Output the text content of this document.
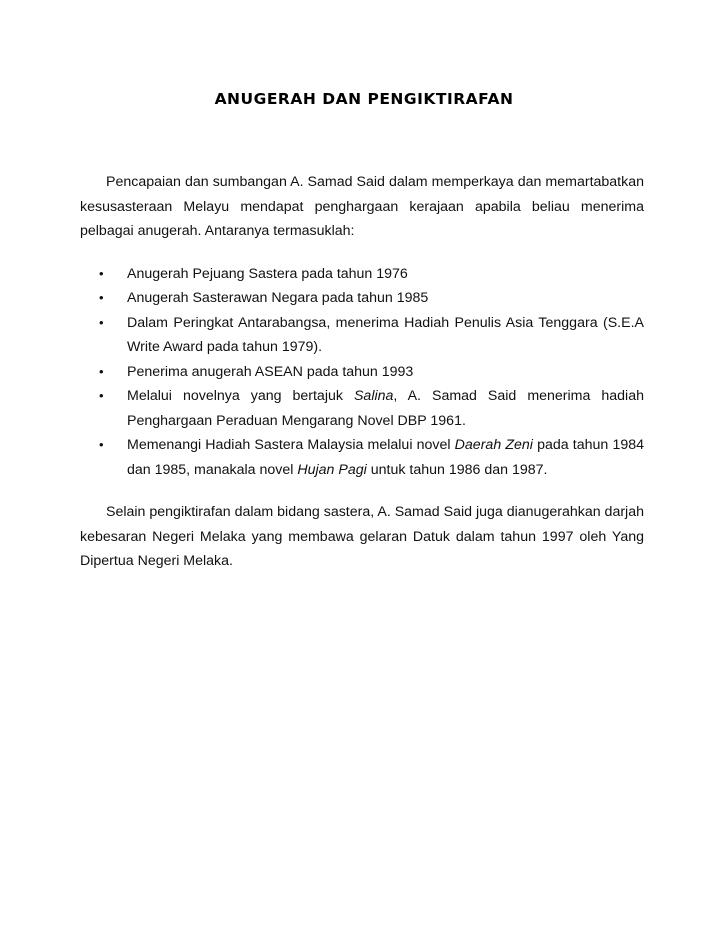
ANUGERAH DAN PENGIKTIRAFAN

Pencapaian dan sumbangan A. Samad Said dalam memperkaya dan memartabatkan kesusasteraan Melayu mendapat penghargaan kerajaan apabila beliau menerima pelbagai anugerah. Antaranya termasuklah:

• Anugerah Pejuang Sastera pada tahun 1976
• Anugerah Sasterawan Negara pada tahun 1985
• Dalam Peringkat Antarabangsa, menerima Hadiah Penulis Asia Tenggara (S.E.A Write Award pada tahun 1979).
• Penerima anugerah ASEAN pada tahun 1993
• Melalui novelnya yang bertajuk Salina, A. Samad Said menerima hadiah Penghargaan Peraduan Mengarang Novel DBP 1961.
• Memenangi Hadiah Sastera Malaysia melalui novel Daerah Zeni pada tahun 1984 dan 1985, manakala novel Hujan Pagi untuk tahun 1986 dan 1987.

Selain pengiktirafan dalam bidang sastera, A. Samad Said juga dianugerahkan darjah kebesaran Negeri Melaka yang membawa gelaran Datuk dalam tahun 1997 oleh Yang Dipertua Negeri Melaka.
